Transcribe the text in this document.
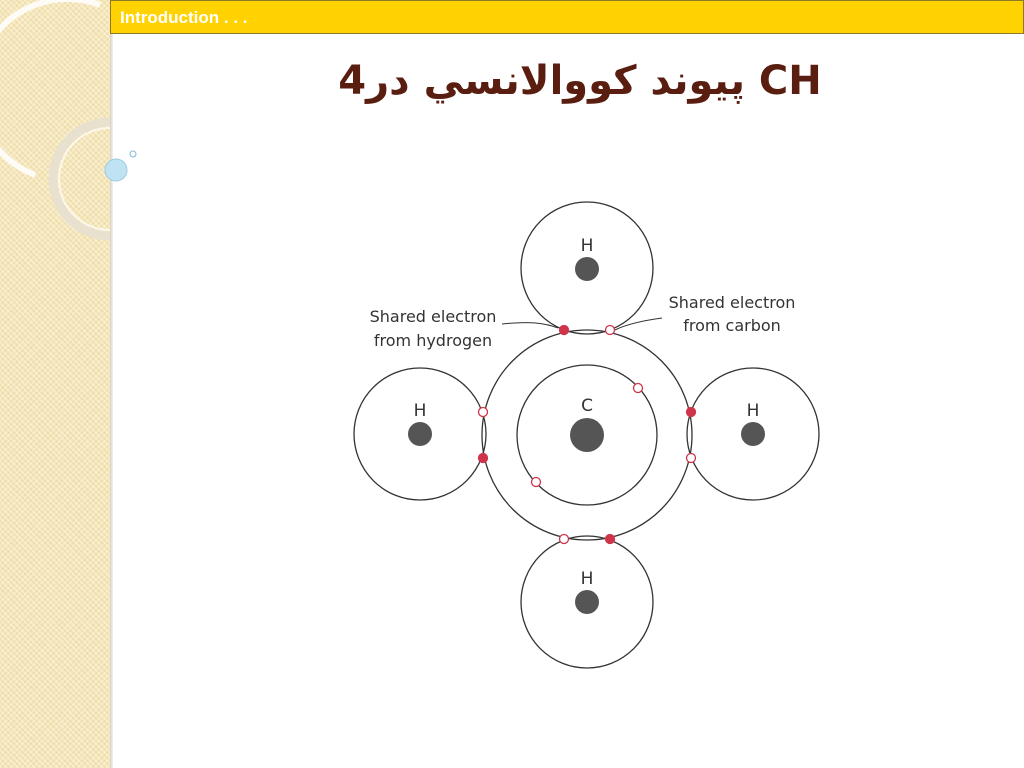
Introduction . . .
پیوند کووالانسي در4 CH
H
H
H	H
C
Shared electron
from hydrogen
Shared electron
from carbon
